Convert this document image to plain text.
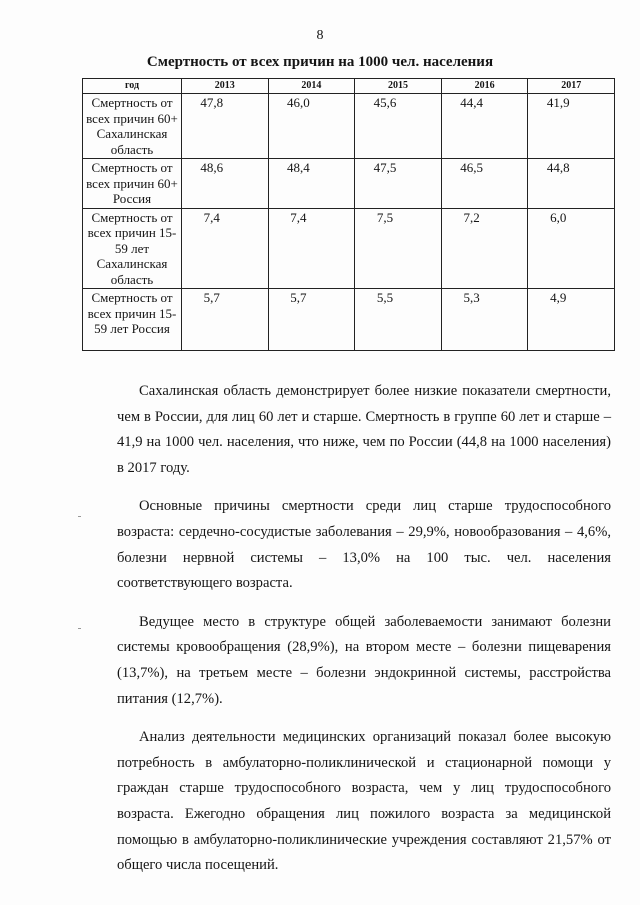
8
Смертность от всех причин на 1000 чел. населения
год	2013	2014	2015	2016	2017
Смертность от всех причин 60+ Сахалинская область	47,8	46,0	45,6	44,4	41,9
Смертность от всех причин 60+ Россия	48,6	48,4	47,5	46,5	44,8
Смертность от всех причин 15-59 лет Сахалинская область	7,4	7,4	7,5	7,2	6,0
Смертность от всех причин 15-59 лет Россия	5,7	5,7	5,5	5,3	4,9

Сахалинская область демонстрирует более низкие показатели смертности, чем в России, для лиц 60 лет и старше. Смертность в группе 60 лет и старше – 41,9 на 1000 чел. населения, что ниже, чем по России (44,8 на 1000 населения) в 2017 году.

Основные причины смертности среди лиц старше трудоспособного возраста: сердечно-сосудистые заболевания – 29,9%, новообразования – 4,6%, болезни нервной системы – 13,0% на 100 тыс. чел. населения соответствующего возраста.

Ведущее место в структуре общей заболеваемости занимают болезни системы кровообращения (28,9%), на втором месте – болезни пищеварения (13,7%), на третьем месте – болезни эндокринной системы, расстройства питания (12,7%).

Анализ деятельности медицинских организаций показал более высокую потребность в амбулаторно-поликлинической и стационарной помощи у граждан старше трудоспособного возраста, чем у лиц трудоспособного возраста. Ежегодно обращения лиц пожилого возраста за медицинской помощью в амбулаторно-поликлинические учреждения составляют 21,57% от общего числа посещений.
